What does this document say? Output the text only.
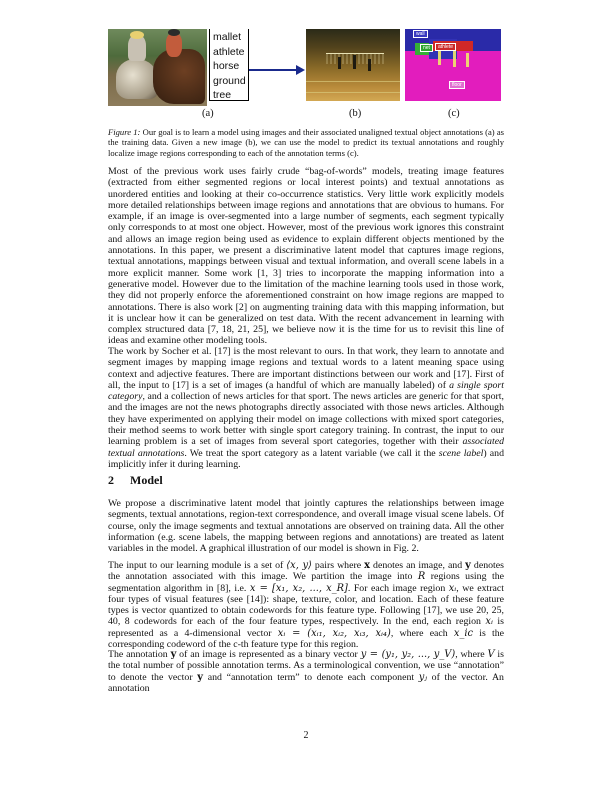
mallet
athlete
horse
ground
tree
wall
net	athlete
floor
(a)	(b)	(c)
Figure 1: Our goal is to learn a model using images and their associated unaligned textual object annotations (a) as the training data. Given a new image (b), we can use the model to predict its textual annotations and roughly localize image regions corresponding to each of the annotation terms (c).

Most of the previous work uses fairly crude “bag-of-words” models, treating image features (extracted from either segmented regions or local interest points) and textual annotations as unordered entities and looking at their co-occurrence statistics. Very little work explicitly models more detailed relationships between image regions and annotations that are obvious to humans. For example, if an image is over-segmented into a large number of segments, each segment typically only corresponds to at most one object. However, most of the previous work ignores this constraint and allows an image region being used as evidence to explain different objects mentioned by the annotations. In this paper, we present a discriminative latent model that captures image regions, textual annotations, mappings between visual and textual information, and overall scene labels in a more explicit manner. Some work [1, 3] tries to incorporate the mapping information into a generative model. However due to the limitation of the machine learning tools used in those work, they did not properly enforce the aforementioned constraint on how image regions are mapped to annotations. There is also work [2] on augmenting training data with this mapping information, but it is unclear how it can be generalized on test data. With the recent advancement in learning with complex structured data [7, 18, 21, 25], we believe now it is the time for us to revisit this line of ideas and examine other modeling tools.

The work by Socher et al. [17] is the most relevant to ours. In that work, they learn to annotate and segment images by mapping image regions and textual words to a latent meaning space using context and adjective features. There are important distinctions between our work and [17]. First of all, the input to [17] is a set of images (a handful of which are manually labeled) of a single sport category, and a collection of news articles for that sport. The news articles are generic for that sport, and the images are not the news photographs directly associated with those news articles. Although they have experimented on applying their model on image collections with mixed sport categories, their method seems to work better with single sport category training. In contrast, the input to our learning problem is a set of images from several sport categories, together with their associated textual annotations. We treat the sport category as a latent variable (we call it the scene label) and implicitly infer it during learning.

2 Model

We propose a discriminative latent model that jointly captures the relationships between image segments, textual annotations, region-text correspondence, and overall image visual scene labels. Of course, only the image segments and textual annotations are observed on training data. All the other information (e.g. scene labels, the mapping between regions and annotations) are treated as latent variables in the model. A graphical illustration of our model is shown in Fig. 2.

The input to our learning module is a set of ⟨x, y⟩ pairs where x denotes an image, and y denotes the annotation associated with this image. We partition the image into R regions using the segmentation algorithm in [8], i.e. x = [x₁, x₂, ..., x_R]. For each image region xᵢ, we extract four types of visual features (see [14]): shape, texture, color, and location. Each of these feature types is vector quantized to obtain codewords for this feature type. Following [17], we use 20, 25, 40, 8 codewords for each of the four feature types, respectively. In the end, each region xᵢ is represented as a 4-dimensional vector xᵢ = (xᵢ₁, xᵢ₂, xᵢ₃, xᵢ₄), where each x_ic is the corresponding codeword of the c-th feature type for this region.

The annotation y of an image is represented as a binary vector y = (y₁, y₂, ..., y_V), where V is the total number of possible annotation terms. As a terminological convention, we use “annotation” to denote the vector y and “annotation term” to denote each component yⱼ of the vector. An annotation

2
